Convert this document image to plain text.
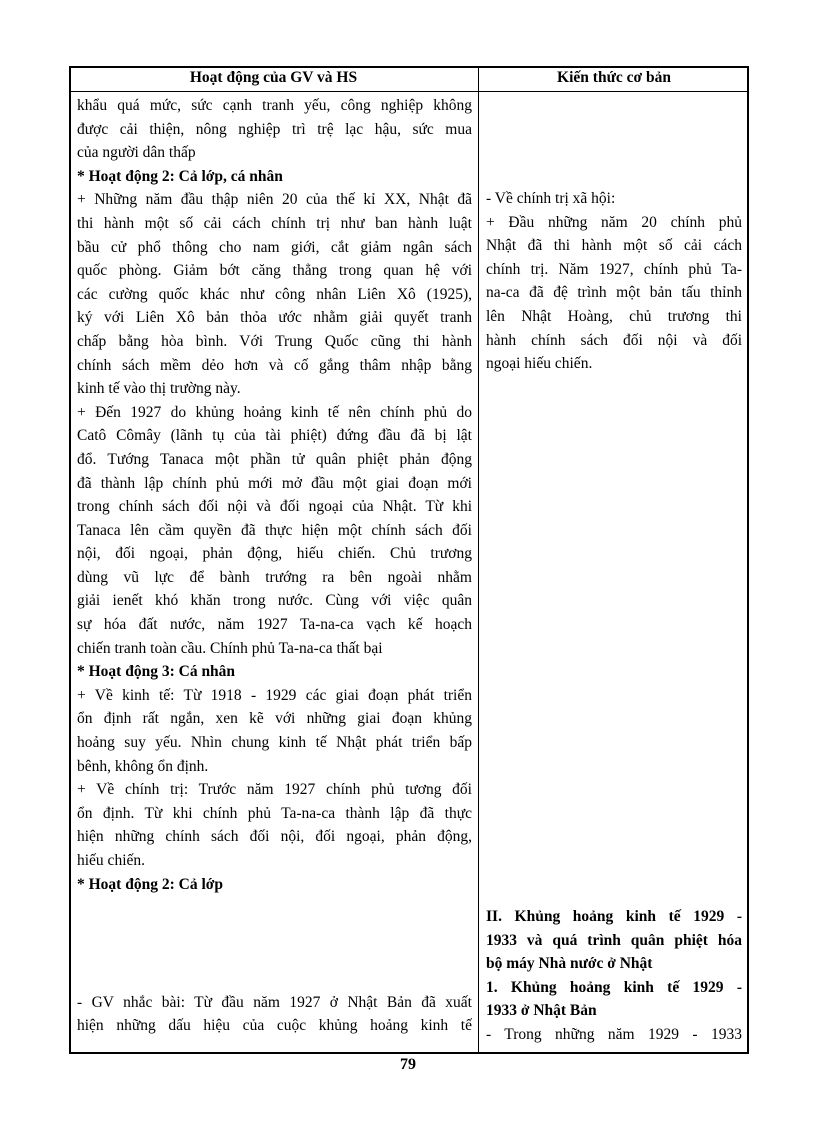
Hoạt động của GV và HS	Kiến thức cơ bản
khẩu quá mức, sức cạnh tranh yếu, công nghiệp không
được cải thiện, nông nghiệp trì trệ lạc hậu, sức mua
của người dân thấp
* Hoạt động 2: Cả lớp, cá nhân
+ Những năm đầu thập niên 20 của thế kỉ XX, Nhật đã
thi hành một số cải cách chính trị như ban hành luật
bầu cử phổ thông cho nam giới, cắt giảm ngân sách
quốc phòng. Giảm bớt căng thẳng trong quan hệ với
các cường quốc khác như công nhân Liên Xô (1925),
ký với Liên Xô bản thỏa ước nhằm giải quyết tranh
chấp bằng hòa bình. Với Trung Quốc cũng thi hành
chính sách mềm dẻo hơn và cố gắng thâm nhập bằng
kinh tế vào thị trường này.
+ Đến 1927 do khủng hoảng kinh tế nên chính phủ do
Catô Cômây (lãnh tụ của tài phiệt) đứng đầu đã bị lật
đổ. Tướng Tanaca một phần tử quân phiệt phản động
đã thành lập chính phủ mới mở đầu một giai đoạn mới
trong chính sách đối nội và đối ngoại của Nhật. Từ khi
Tanaca lên cầm quyền đã thực hiện một chính sách đối
nội, đối ngoại, phản động, hiếu chiến. Chủ trương
dùng vũ lực để bành trướng ra bên ngoài nhằm
giải ienết khó khăn trong nước. Cùng với việc quân
sự hóa đất nước, năm 1927 Ta-na-ca vạch kế hoạch
chiến tranh toàn cầu. Chính phủ Ta-na-ca thất bại
* Hoạt động 3: Cá nhân
+ Về kinh tế: Từ 1918 - 1929 các giai đoạn phát triển
ổn định rất ngắn, xen kẽ với những giai đoạn khủng
hoảng suy yếu. Nhìn chung kinh tế Nhật phát triển bấp
bênh, không ổn định.
+ Về chính trị: Trước năm 1927 chính phủ tương đối
ổn định. Từ khi chính phủ Ta-na-ca thành lập đã thực
hiện những chính sách đối nội, đối ngoại, phản động,
hiếu chiến.
* Hoạt động 2: Cả lớp
- GV nhắc bài: Từ đầu năm 1927 ở Nhật Bản đã xuất
hiện những dấu hiệu của cuộc khủng hoảng kinh tế
- Về chính trị xã hội:
+ Đầu những năm 20 chính phủ
Nhật đã thi hành một số cải cách
chính trị. Năm 1927, chính phủ Ta-
na-ca đã đệ trình một bản tấu thỉnh
lên Nhật Hoàng, chủ trương thi
hành chính sách đối nội và đối
ngoại hiếu chiến.
II. Khủng hoảng kinh tế 1929 -
1933 và quá trình quân phiệt hóa
bộ máy Nhà nước ở Nhật
1. Khủng hoảng kinh tế 1929 -
1933 ở Nhật Bản
- Trong những năm 1929 - 1933
79
